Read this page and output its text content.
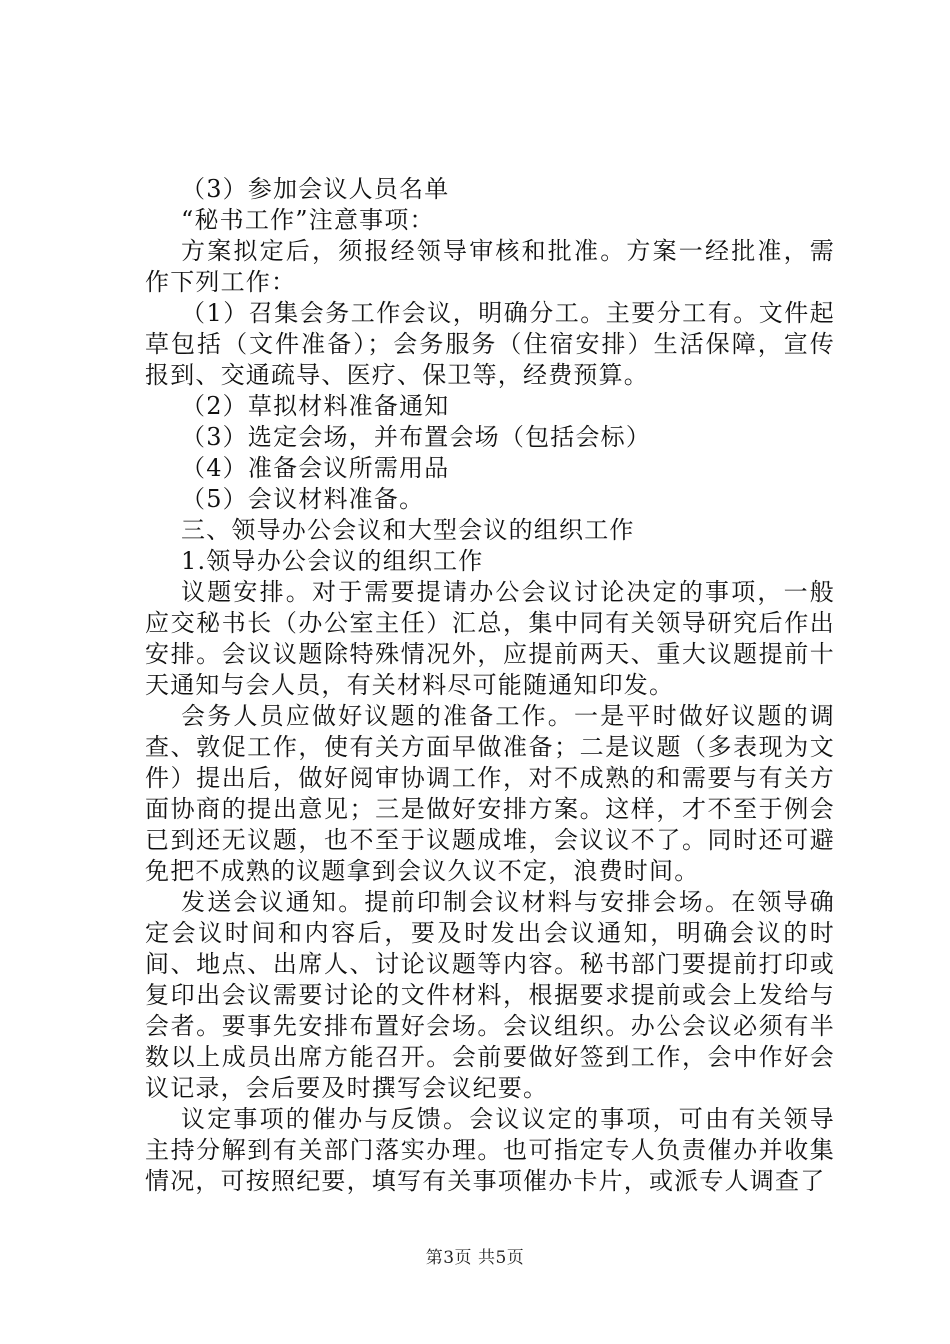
（3）参加会议人员名单

“秘书工作”注意事项：

方案拟定后，须报经领导审核和批准。方案一经批准，需作下列工作：

（1）召集会务工作会议，明确分工。主要分工有。文件起草包括（文件准备）；会务服务（住宿安排）生活保障，宣传报到、交通疏导、医疗、保卫等，经费预算。

（2）草拟材料准备通知

（3）选定会场，并布置会场（包括会标）

（4）准备会议所需用品

（5）会议材料准备。

三、领导办公会议和大型会议的组织工作

1.领导办公会议的组织工作

议题安排。对于需要提请办公会议讨论决定的事项，一般应交秘书长（办公室主任）汇总，集中同有关领导研究后作出安排。会议议题除特殊情况外，应提前两天、重大议题提前十天通知与会人员，有关材料尽可能随通知印发。

会务人员应做好议题的准备工作。一是平时做好议题的调查、敦促工作，使有关方面早做准备；二是议题（多表现为文件）提出后，做好阅审协调工作，对不成熟的和需要与有关方面协商的提出意见；三是做好安排方案。这样，才不至于例会已到还无议题，也不至于议题成堆，会议议不了。同时还可避免把不成熟的议题拿到会议久议不定，浪费时间。

发送会议通知。提前印制会议材料与安排会场。在领导确定会议时间和内容后，要及时发出会议通知，明确会议的时间、地点、出席人、讨论议题等内容。秘书部门要提前打印或复印出会议需要讨论的文件材料，根据要求提前或会上发给与会者。要事先安排布置好会场。会议组织。办公会议必须有半数以上成员出席方能召开。会前要做好签到工作，会中作好会议记录，会后要及时撰写会议纪要。

议定事项的催办与反馈。会议议定的事项，可由有关领导主持分解到有关部门落实办理。也可指定专人负责催办并收集情况，可按照纪要，填写有关事项催办卡片，或派专人调查了

第3页 共5页
